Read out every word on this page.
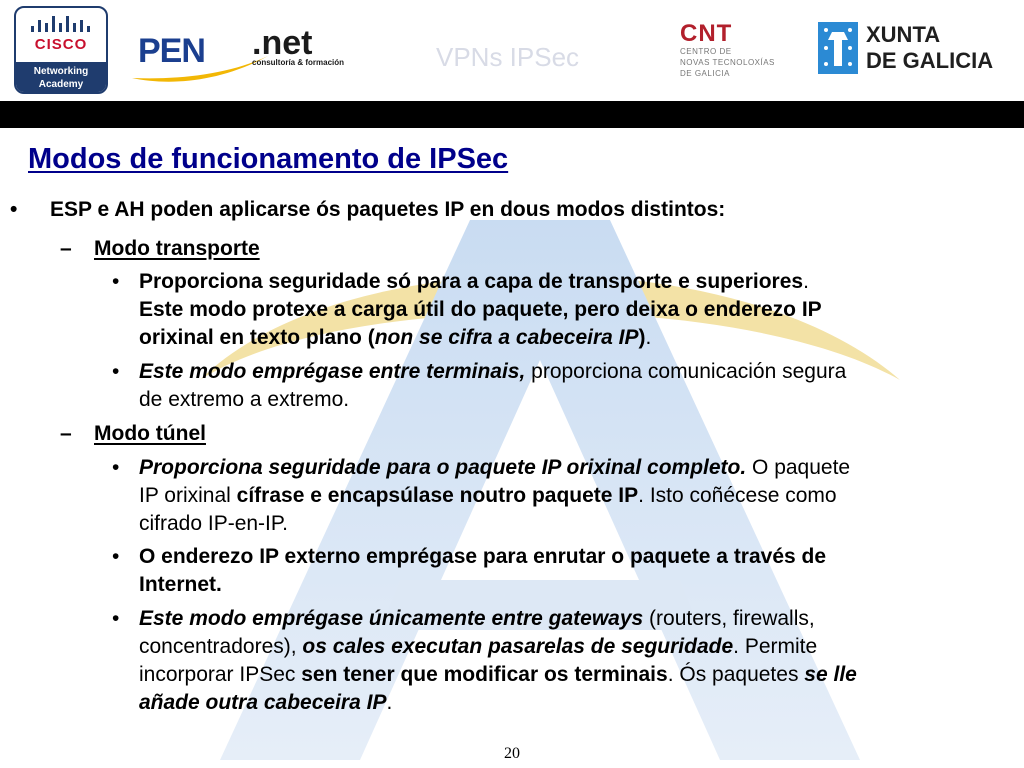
CISCO
Networking
Academy
PEN .net
consultoría & formación	VPNs IPSec
CNT
CENTRO DE
NOVAS TECNOLOXÍAS
DE GALICIA
XUNTA
DE GALICIA
Modos de funcionamento de IPSec
• ESP e AH poden aplicarse ós paquetes IP en dous modos distintos:
– Modo transporte
• Proporciona seguridade só para a capa de transporte e superiores.
Este modo protexe a carga útil do paquete, pero deixa o enderezo IP
orixinal en texto plano (non se cifra a cabeceira IP).
• Este modo emprégase entre terminais, proporciona comunicación segura
de extremo a extremo.
– Modo túnel
• Proporciona seguridade para o paquete IP orixinal completo. O paquete
IP orixinal cífrase e encapsúlase noutro paquete IP. Isto coñécese como
cifrado IP-en-IP.
• O enderezo IP externo emprégase para enrutar o paquete a través de
Internet.
• Este modo emprégase únicamente entre gateways (routers, firewalls,
concentradores), os cales executan pasarelas de seguridade. Permite
incorporar IPSec sen tener que modificar os terminais. Ós paquetes se lle
añade outra cabeceira IP.
20
